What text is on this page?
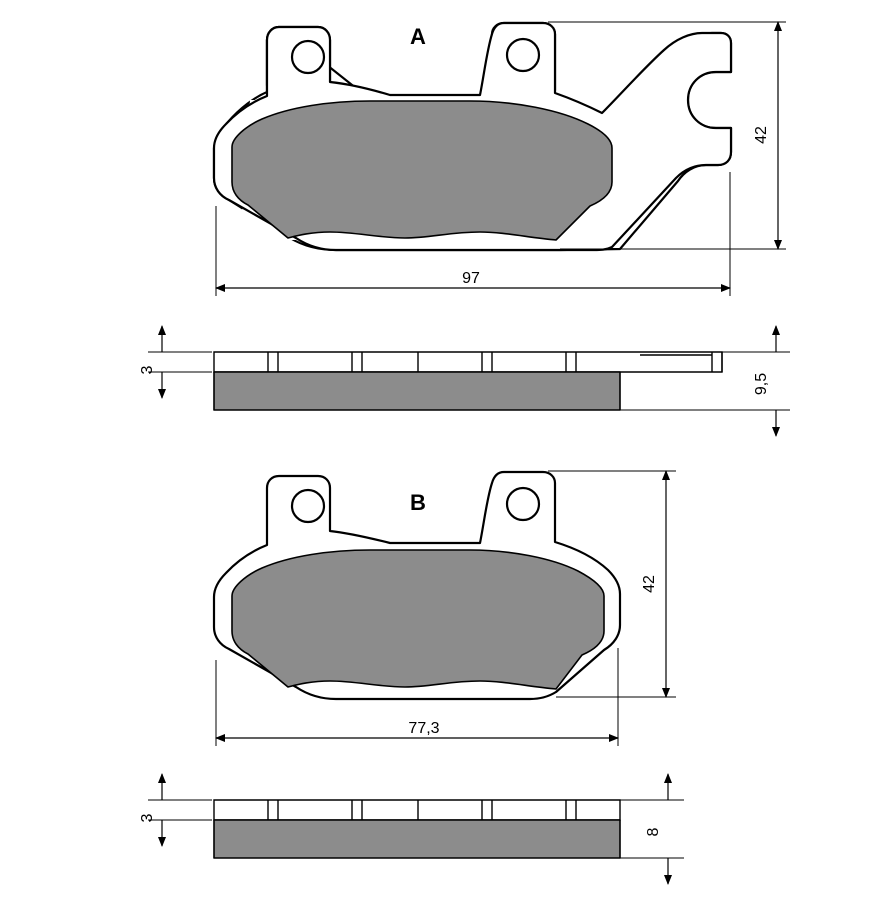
A
97
42
3
9,5
B
77,3
42
3
8
